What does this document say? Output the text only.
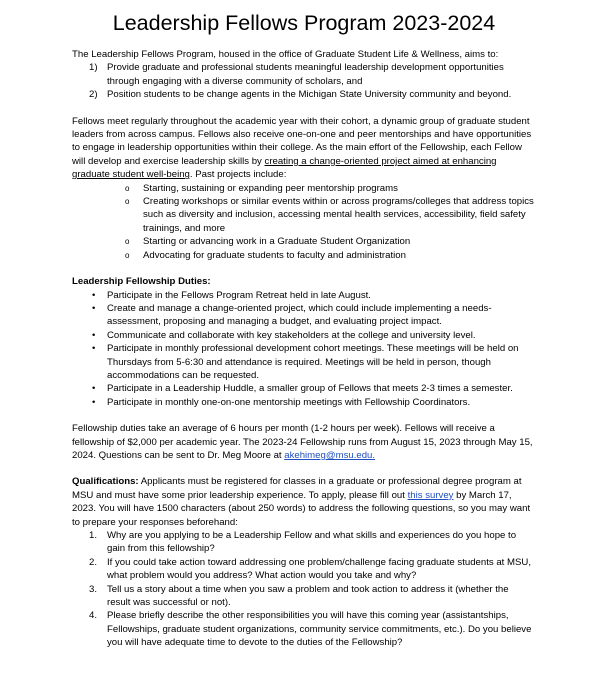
Leadership Fellows Program 2023-2024

The Leadership Fellows Program, housed in the office of Graduate Student Life & Wellness, aims to:

1) Provide graduate and professional students meaningful leadership development opportunities through engaging with a diverse community of scholars, and
2) Position students to be change agents in the Michigan State University community and beyond.

Fellows meet regularly throughout the academic year with their cohort, a dynamic group of graduate student leaders from across campus. Fellows also receive one-on-one and peer mentorships and have opportunities to engage in leadership opportunities within their college. As the main effort of the Fellowship, each Fellow will develop and exercise leadership skills by creating a change-oriented project aimed at enhancing graduate student well-being. Past projects include:

o Starting, sustaining or expanding peer mentorship programs
o Creating workshops or similar events within or across programs/colleges that address topics such as diversity and inclusion, accessing mental health services, accessibility, field safety trainings, and more
o Starting or advancing work in a Graduate Student Organization
o Advocating for graduate students to faculty and administration

Leadership Fellowship Duties:

• Participate in the Fellows Program Retreat held in late August.
• Create and manage a change-oriented project, which could include implementing a needs-assessment, proposing and managing a budget, and evaluating project impact.
• Communicate and collaborate with key stakeholders at the college and university level.
• Participate in monthly professional development cohort meetings. These meetings will be held on Thursdays from 5-6:30 and attendance is required. Meetings will be held in person, though accommodations can be requested.
• Participate in a Leadership Huddle, a smaller group of Fellows that meets 2-3 times a semester.
• Participate in monthly one-on-one mentorship meetings with Fellowship Coordinators.

Fellowship duties take an average of 6 hours per month (1-2 hours per week). Fellows will receive a fellowship of $2,000 per academic year. The 2023-24 Fellowship runs from August 15, 2023 through May 15, 2024. Questions can be sent to Dr. Meg Moore at akehimeg@msu.edu.

Qualifications: Applicants must be registered for classes in a graduate or professional degree program at MSU and must have some prior leadership experience. To apply, please fill out this survey by March 17, 2023. You will have 1500 characters (about 250 words) to address the following questions, so you may want to prepare your responses beforehand:

1. Why are you applying to be a Leadership Fellow and what skills and experiences do you hope to gain from this fellowship?
2. If you could take action toward addressing one problem/challenge facing graduate students at MSU, what problem would you address? What action would you take and why?
3. Tell us a story about a time when you saw a problem and took action to address it (whether the result was successful or not).
4. Please briefly describe the other responsibilities you will have this coming year (assistantships, Fellowships, graduate student organizations, community service commitments, etc.). Do you believe you will have adequate time to devote to the duties of the Fellowship?
